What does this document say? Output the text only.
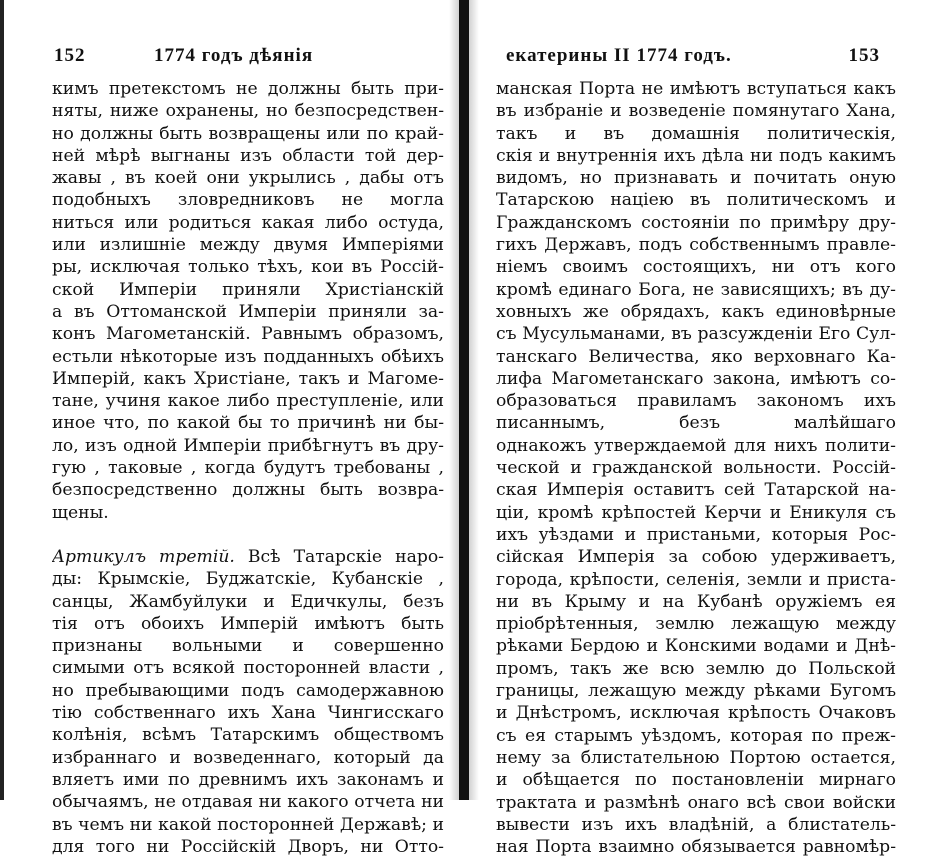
152	1774 годъ дѣянія
кимъ претекстомъ не должны быть при-
няты, ниже охранены, но безпосредствен-
но должны быть возвращены или по край-
ней мѣрѣ выгнаны изъ области той дер-
жавы , въ коей они укрылись , дабы отъ
подобныхъ зловредниковъ не могла
ниться или родиться какая либо остуда,
или излишніе между двумя Имперіями
ры, исключая только тѣхъ, кои въ Россій-
ской Имперіи приняли Христіанскій
а въ Оттоманской Имперіи приняли за-
конъ Магометанскій. Равнымъ образомъ,
естьли нѣкоторые изъ подданныхъ обѣихъ
Имперій, какъ Христіане, такъ и Магоме-
тане, учиня какое либо преступленіе, или
иное что, по какой бы то причинѣ ни бы-
ло, изъ одной Имперіи прибѣгнутъ въ дру-
гую , таковые , когда будутъ требованы ,
безпосредственно должны быть возвра-
щены.
Артикулъ третій. Всѣ Татарскіе наро-
ды: Крымскіе, Буджатскіе, Кубанскіе ,
санцы, Жамбуйлуки и Едичкулы, безъ
тія отъ обоихъ Имперій имѣютъ быть
признаны вольными и совершенно
симыми отъ всякой посторонней власти ,
но пребывающими подъ самодержавною
тію собственнаго ихъ Хана Чингисскаго
колѣнія, всѣмъ Татарскимъ обществомъ
избраннаго и возведеннаго, который да
вляетъ ими по древнимъ ихъ законамъ и
обычаямъ, не отдавая ни какого отчета ни
въ чемъ ни какой посторонней Державѣ; и
для того ни Россійскій Дворъ, ни Отто-
екатерины II 1774 годъ.	153
манская Порта не имѣютъ вступаться какъ
въ избраніе и возведеніе помянутаго Хана,
такъ и въ домашнія политическія,
скія и внутреннія ихъ дѣла ни подъ какимъ
видомъ, но признавать и почитать оную
Татарскою націею въ политическомъ и
Гражданскомъ состояніи по примѣру дру-
гихъ Державъ, подъ собственнымъ правле-
ніемъ своимъ состоящихъ, ни отъ кого
кромѣ единаго Бога, не зависящихъ; въ ду-
ховныхъ же обрядахъ, какъ единовѣрные
съ Мусульманами, въ разсужденіи Его Сул-
танскаго Величества, яко верховнаго Ка-
лифа Магометанскаго закона, имѣютъ со-
образоваться правиламъ закономъ ихъ
писаннымъ, безъ малѣйшаго
однакожъ утверждаемой для нихъ полити-
ческой и гражданской вольности. Россій-
ская Имперія оставитъ сей Татарской на-
ціи, кромѣ крѣпостей Керчи и Еникуля съ
ихъ уѣздами и пристаньми, которыя Рос-
сійская Имперія за собою удерживаетъ,
города, крѣпости, селенія, земли и приста-
ни въ Крыму и на Кубанѣ оружіемъ ея
пріобрѣтенныя, землю лежащую между
рѣками Бердою и Конскими водами и Днѣ-
промъ, такъ же всю землю до Польской
границы, лежащую между рѣками Бугомъ
и Днѣстромъ, исключая крѣпость Очаковъ
съ ея старымъ уѣздомъ, которая по преж-
нему за блистательною Портою остается,
и обѣщается по постановленіи мирнаго
трактата и размѣнѣ онаго всѣ свои войски
вывести изъ ихъ владѣній, а блистатель-
ная Порта взаимно обязывается равномѣр-
